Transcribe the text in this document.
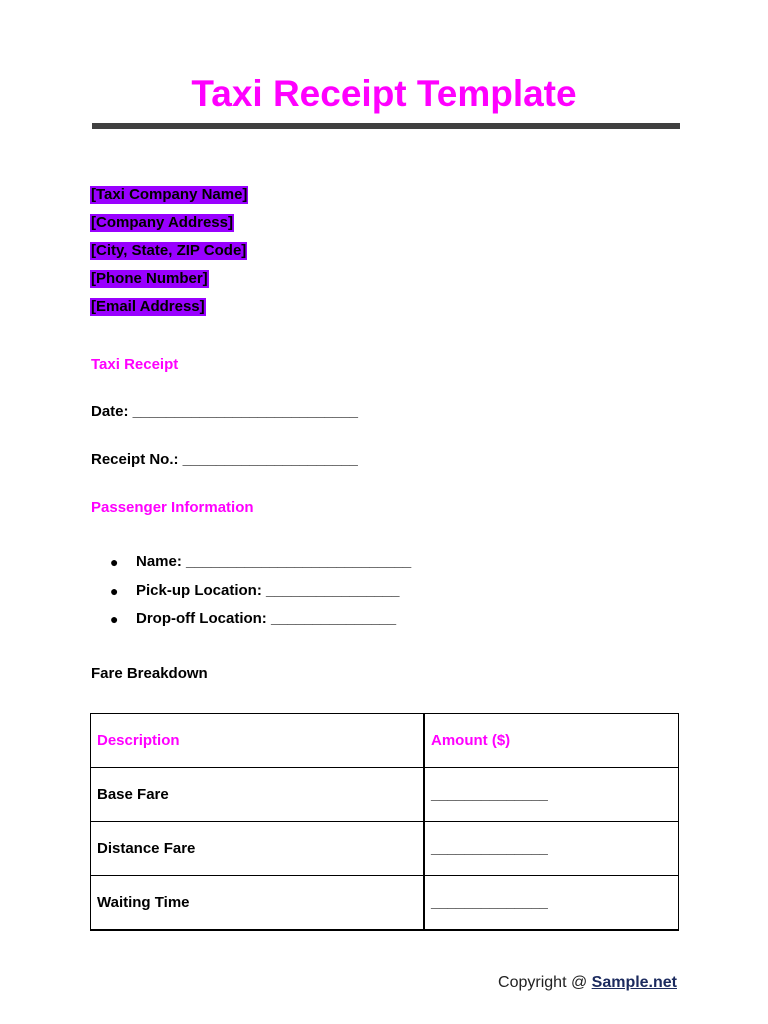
Taxi Receipt Template
[Taxi Company Name]
[Company Address]
[City, State, ZIP Code]
[Phone Number]
[Email Address]
Taxi Receipt
Date: ___________________________
Receipt No.: _____________________
Passenger Information
●	Name: ___________________________
●	Pick-up Location: ________________
●	Drop-off Location: _______________
Fare Breakdown
Description	Amount ($)
Base Fare	______________
Distance Fare	______________
Waiting Time	______________
Copyright @ Sample.net
